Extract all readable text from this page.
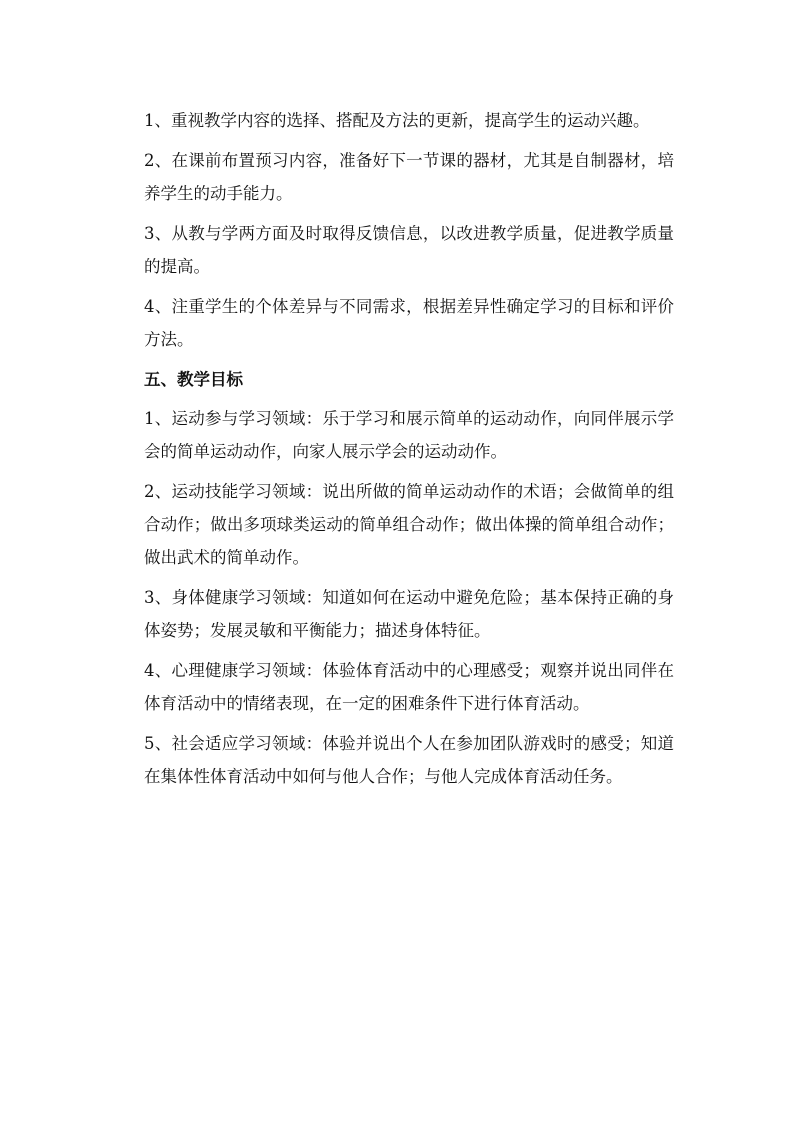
1、重视教学内容的选择、搭配及方法的更新，提高学生的运动兴趣。

2、在课前布置预习内容，准备好下一节课的器材，尤其是自制器材，培养学生的动手能力。

3、从教与学两方面及时取得反馈信息，以改进教学质量，促进教学质量的提高。

4、注重学生的个体差异与不同需求，根据差异性确定学习的目标和评价方法。

五、教学目标

1、运动参与学习领域：乐于学习和展示简单的运动动作，向同伴展示学会的简单运动动作，向家人展示学会的运动动作。

2、运动技能学习领域：说出所做的简单运动动作的术语；会做简单的组合动作；做出多项球类运动的简单组合动作；做出体操的简单组合动作；做出武术的简单动作。

3、身体健康学习领域：知道如何在运动中避免危险；基本保持正确的身体姿势；发展灵敏和平衡能力；描述身体特征。

4、心理健康学习领域：体验体育活动中的心理感受；观察并说出同伴在体育活动中的情绪表现，在一定的困难条件下进行体育活动。

5、社会适应学习领域：体验并说出个人在参加团队游戏时的感受；知道在集体性体育活动中如何与他人合作；与他人完成体育活动任务。
